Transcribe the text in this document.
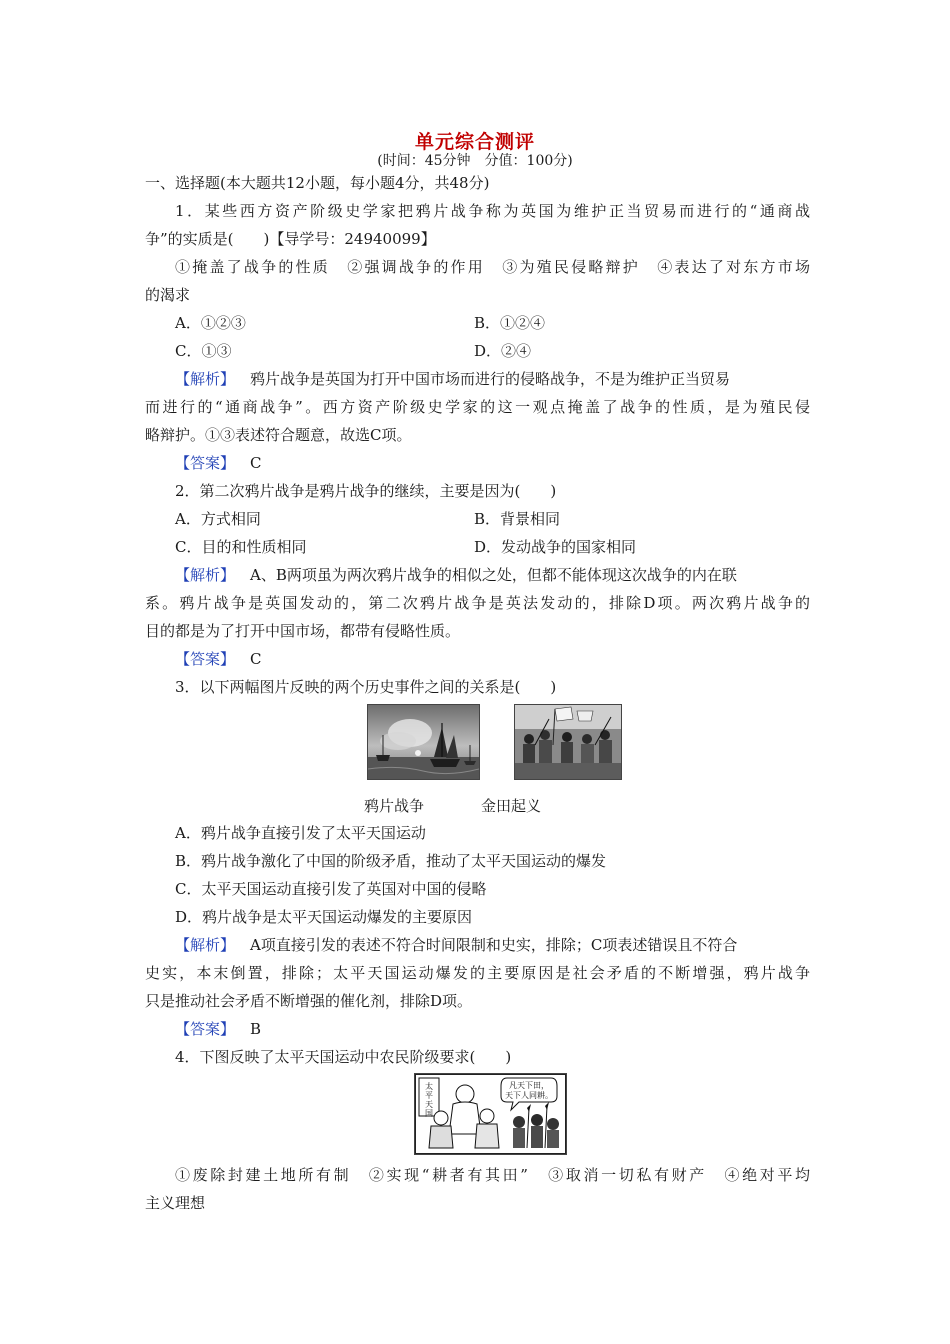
单元综合测评
(时间：45分钟　分值：100分)
一、选择题(本大题共12小题，每小题4分，共48分)
1．某些西方资产阶级史学家把鸦片战争称为英国为维护正当贸易而进行的“通商战
争”的实质是(　　)【导学号：24940099】
①掩盖了战争的性质　②强调战争的作用　③为殖民侵略辩护　④表达了对东方市场
的渴求
A．①②③	B．①②④
C．①③	D．②④
【解析】  鸦片战争是英国为打开中国市场而进行的侵略战争，不是为维护正当贸易
而进行的“通商战争”。西方资产阶级史学家的这一观点掩盖了战争的性质，是为殖民侵
略辩护。①③表述符合题意，故选C项。
【答案】  C
2．第二次鸦片战争是鸦片战争的继续，主要是因为(　　)
A．方式相同	B．背景相同
C．目的和性质相同	D．发动战争的国家相同
【解析】  A、B两项虽为两次鸦片战争的相似之处，但都不能体现这次战争的内在联
系。鸦片战争是英国发动的，第二次鸦片战争是英法发动的，排除D项。两次鸦片战争的
目的都是为了打开中国市场，都带有侵略性质。
【答案】  C
3．以下两幅图片反映的两个历史事件之间的关系是(　　)
鸦片战争	金田起义
A．鸦片战争直接引发了太平天国运动
B．鸦片战争激化了中国的阶级矛盾，推动了太平天国运动的爆发
C．太平天国运动直接引发了英国对中国的侵略
D．鸦片战争是太平天国运动爆发的主要原因
【解析】  A项直接引发的表述不符合时间限制和史实，排除；C项表述错误且不符合
史实，本末倒置，排除；太平天国运动爆发的主要原因是社会矛盾的不断增强，鸦片战争
只是推动社会矛盾不断增强的催化剂，排除D项。
【答案】  B
4．下图反映了太平天国运动中农民阶级要求(　　)
太平天国
凡天下田，
天下人同耕。
①废除封建土地所有制　②实现“耕者有其田”　③取消一切私有财产　④绝对平均
主义理想
